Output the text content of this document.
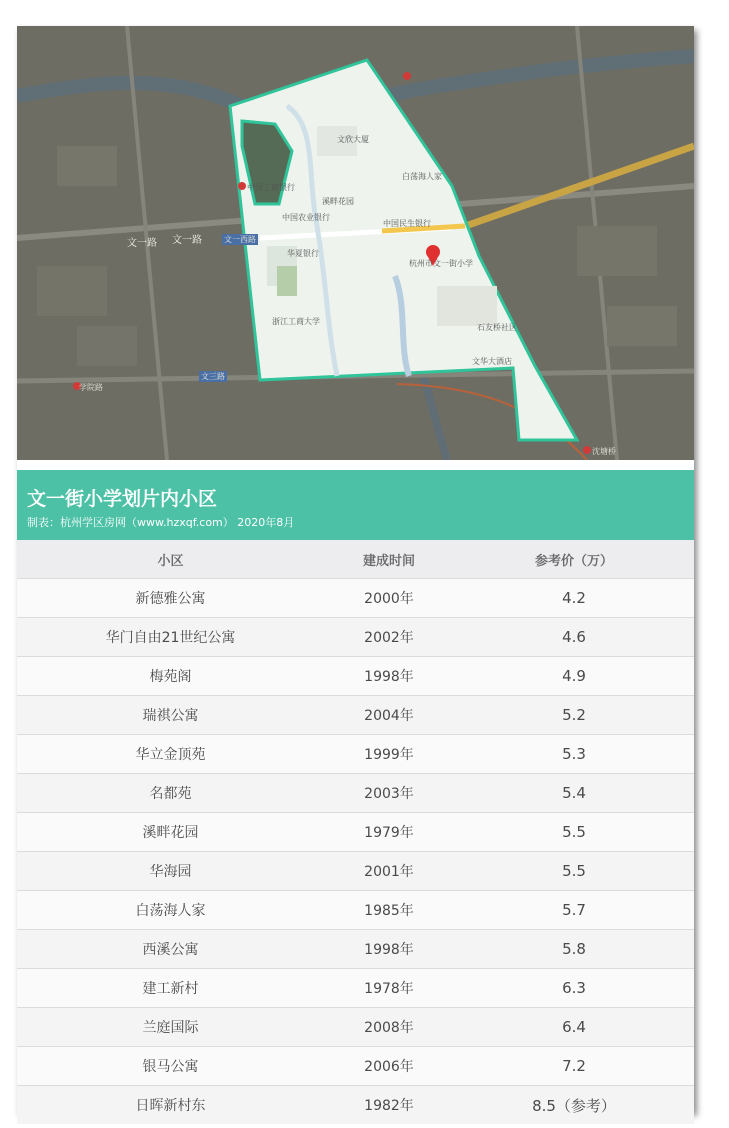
文一路 文一路	文一西路
文三路
杭州市文一街小学
中国农业银行
中国工商银行
华夏银行
浙江工商大学
中国民生银行
文欣大厦
白荡海人家
溪畔花园
文华大酒店
石友桥社区
学院路
沈塘桥
文一街小学划片内小区
制表：杭州学区房网（www.hzxqf.com） 2020年8月
小区	建成时间	参考价（万）
新德雅公寓	2000年	4.2
华门自由21世纪公寓	2002年	4.6
梅苑阁	1998年	4.9
瑞祺公寓	2004年	5.2
华立金顶苑	1999年	5.3
名都苑	2003年	5.4
溪畔花园	1979年	5.5
华海园	2001年	5.5
白荡海人家	1985年	5.7
西溪公寓	1998年	5.8
建工新村	1978年	6.3
兰庭国际	2008年	6.4
银马公寓	2006年	7.2
日晖新村东	1982年	8.5（参考）
